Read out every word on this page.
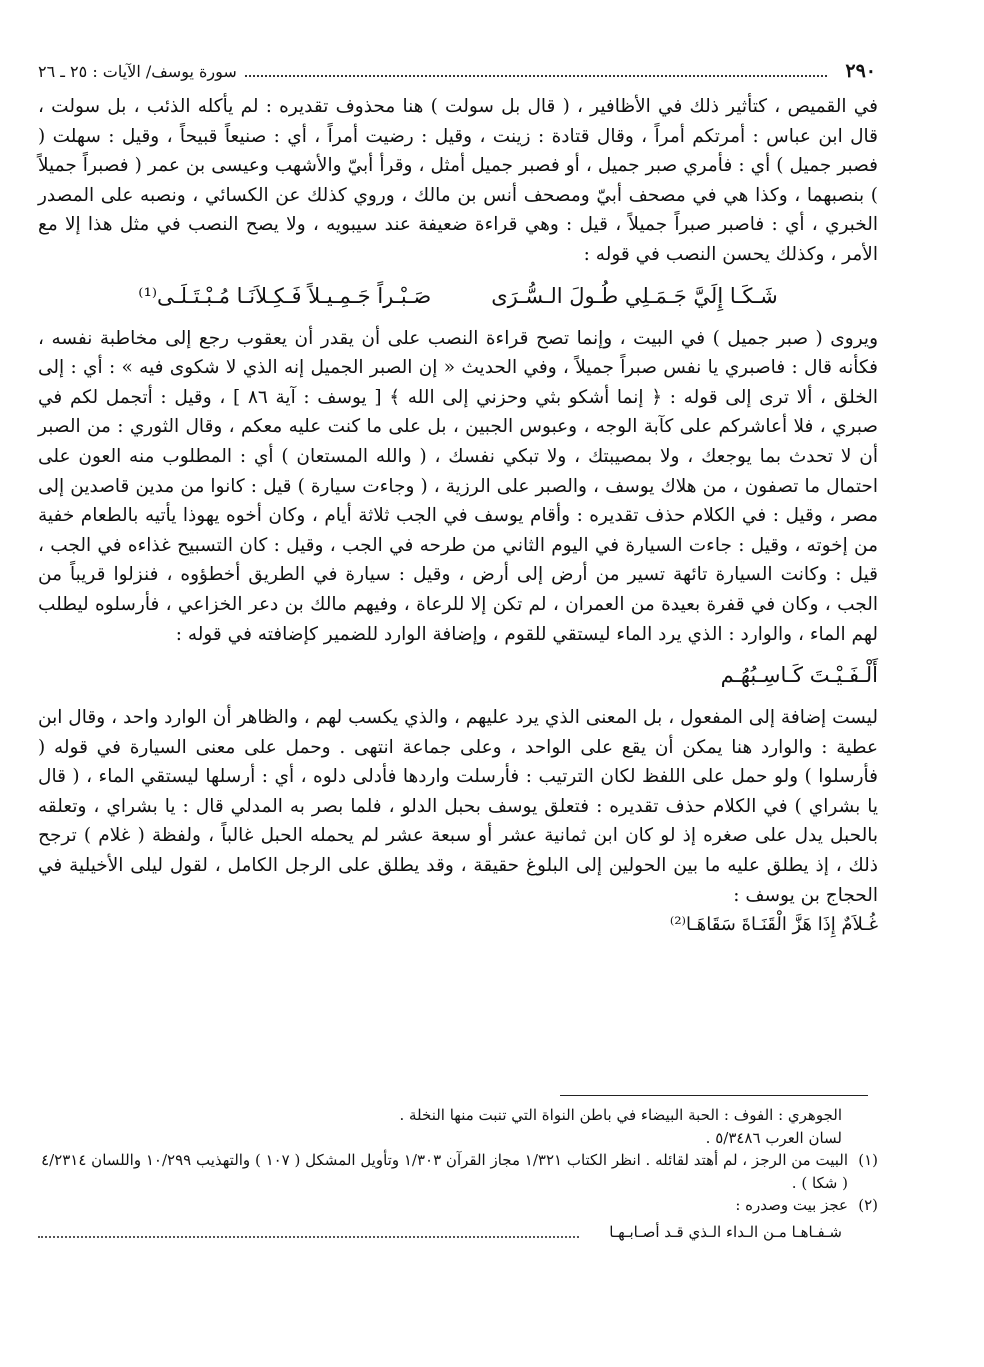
٢٩٠
سورة يوسف/ الآيات : ٢٥ ـ ٢٦

في القميص ، كتأثير ذلك في الأظافير ، ( قال بل سولت ) هنا محذوف تقديره : لم يأكله الذئب ، بل سولت ، قال ابن عباس : أمرتكم أمراً ، وقال قتادة : زينت ، وقيل : رضيت أمراً ، أي : صنيعاً قبيحاً ، وقيل : سهلت ( فصبر جميل ) أي : فأمري صبر جميل ، أو فصبر جميل أمثل ، وقرأ أبيّ والأشهب وعيسى بن عمر ( فصبراً جميلاً ) بنصبهما ، وكذا هي في مصحف أبيّ ومصحف أنس بن مالك ، وروي كذلك عن الكسائي ، ونصبه على المصدر الخبري ، أي : فاصبر صبراً جميلاً ، قيل : وهي قراءة ضعيفة عند سيبويه ، ولا يصح النصب في مثل هذا إلا مع الأمر ، وكذلك يحسن النصب في قوله :

شَـكَـا إِلَيَّ جَـمَـلِي طُـولَ الـسُّـرَى
صَـبْـراً جَـمِـيـلاً فَـكِـلاَنَـا مُـبْـتَـلَـى⁽¹⁾

ويروى ( صبر جميل ) في البيت ، وإنما تصح قراءة النصب على أن يقدر أن يعقوب رجع إلى مخاطبة نفسه ، فكأنه قال : فاصبري يا نفس صبراً جميلاً ، وفي الحديث « إن الصبر الجميل إنه الذي لا شكوى فيه » : أي : إلى الخلق ، ألا ترى إلى قوله : ﴿ إنما أشكو بثي وحزني إلى الله ﴾ [ يوسف : آية ٨٦ ] ، وقيل : أتجمل لكم في صبري ، فلا أعاشركم على كآبة الوجه ، وعبوس الجبين ، بل على ما كنت عليه معكم ، وقال الثوري : من الصبر أن لا تحدث بما يوجعك ، ولا بمصيبتك ، ولا تبكي نفسك ، ( والله المستعان ) أي : المطلوب منه العون على احتمال ما تصفون ، من هلاك يوسف ، والصبر على الرزية ، ( وجاءت سيارة ) قيل : كانوا من مدين قاصدين إلى مصر ، وقيل : في الكلام حذف تقديره : وأقام يوسف في الجب ثلاثة أيام ، وكان أخوه يهوذا يأتيه بالطعام خفية من إخوته ، وقيل : جاءت السيارة في اليوم الثاني من طرحه في الجب ، وقيل : كان التسبيح غذاءه في الجب ، قيل : وكانت السيارة تائهة تسير من أرض إلى أرض ، وقيل : سيارة في الطريق أخطؤوه ، فنزلوا قريباً من الجب ، وكان في قفرة بعيدة من العمران ، لم تكن إلا للرعاة ، وفيهم مالك بن دعر الخزاعي ، فأرسلوه ليطلب لهم الماء ، والوارد : الذي يرد الماء ليستقي للقوم ، وإضافة الوارد للضمير كإضافته في قوله :

أَلْـفَـيْـتَ كَـاسِـبُهُـم

ليست إضافة إلى المفعول ، بل المعنى الذي يرد عليهم ، والذي يكسب لهم ، والظاهر أن الوارد واحد ، وقال ابن عطية : والوارد هنا يمكن أن يقع على الواحد ، وعلى جماعة انتهى . وحمل على معنى السيارة في قوله ( فأرسلوا ) ولو حمل على اللفظ لكان الترتيب : فأرسلت واردها فأدلى دلوه ، أي : أرسلها ليستقي الماء ، ( قال يا بشراي ) في الكلام حذف تقديره : فتعلق يوسف بحبل الدلو ، فلما بصر به المدلي قال : يا بشراي ، وتعلقه بالحبل يدل على صغره إذ لو كان ابن ثمانية عشر أو سبعة عشر لم يحمله الحبل غالباً ، ولفظة ( غلام ) ترجح ذلك ، إذ يطلق عليه ما بين الحولين إلى البلوغ حقيقة ، وقد يطلق على الرجل الكامل ، لقول ليلى الأخيلية في الحجاج بن يوسف :

غُـلاَمٌ إِذَا هَزَّ الْقَنَـاةَ سَقَاهَـا⁽²⁾

الجوهري : الفوف : الحبة البيضاء في باطن النواة التي تنبت منها النخلة .

لسان العرب ٥/٣٤٨٦ .

(١)
البيت من الرجز ، لم أهتد لقائله . انظر الكتاب ١/٣٢١ مجاز القرآن ١/٣٠٣ وتأويل المشكل ( ١٠٧ ) والتهذيب ١٠/٢٩٩ واللسان ٤/٢٣١٤ ( شكا ) .
(٢)
عجز بيت وصدره :
شـفـاهـا مـن الـداء الـذي قـد أصـابـهـا
